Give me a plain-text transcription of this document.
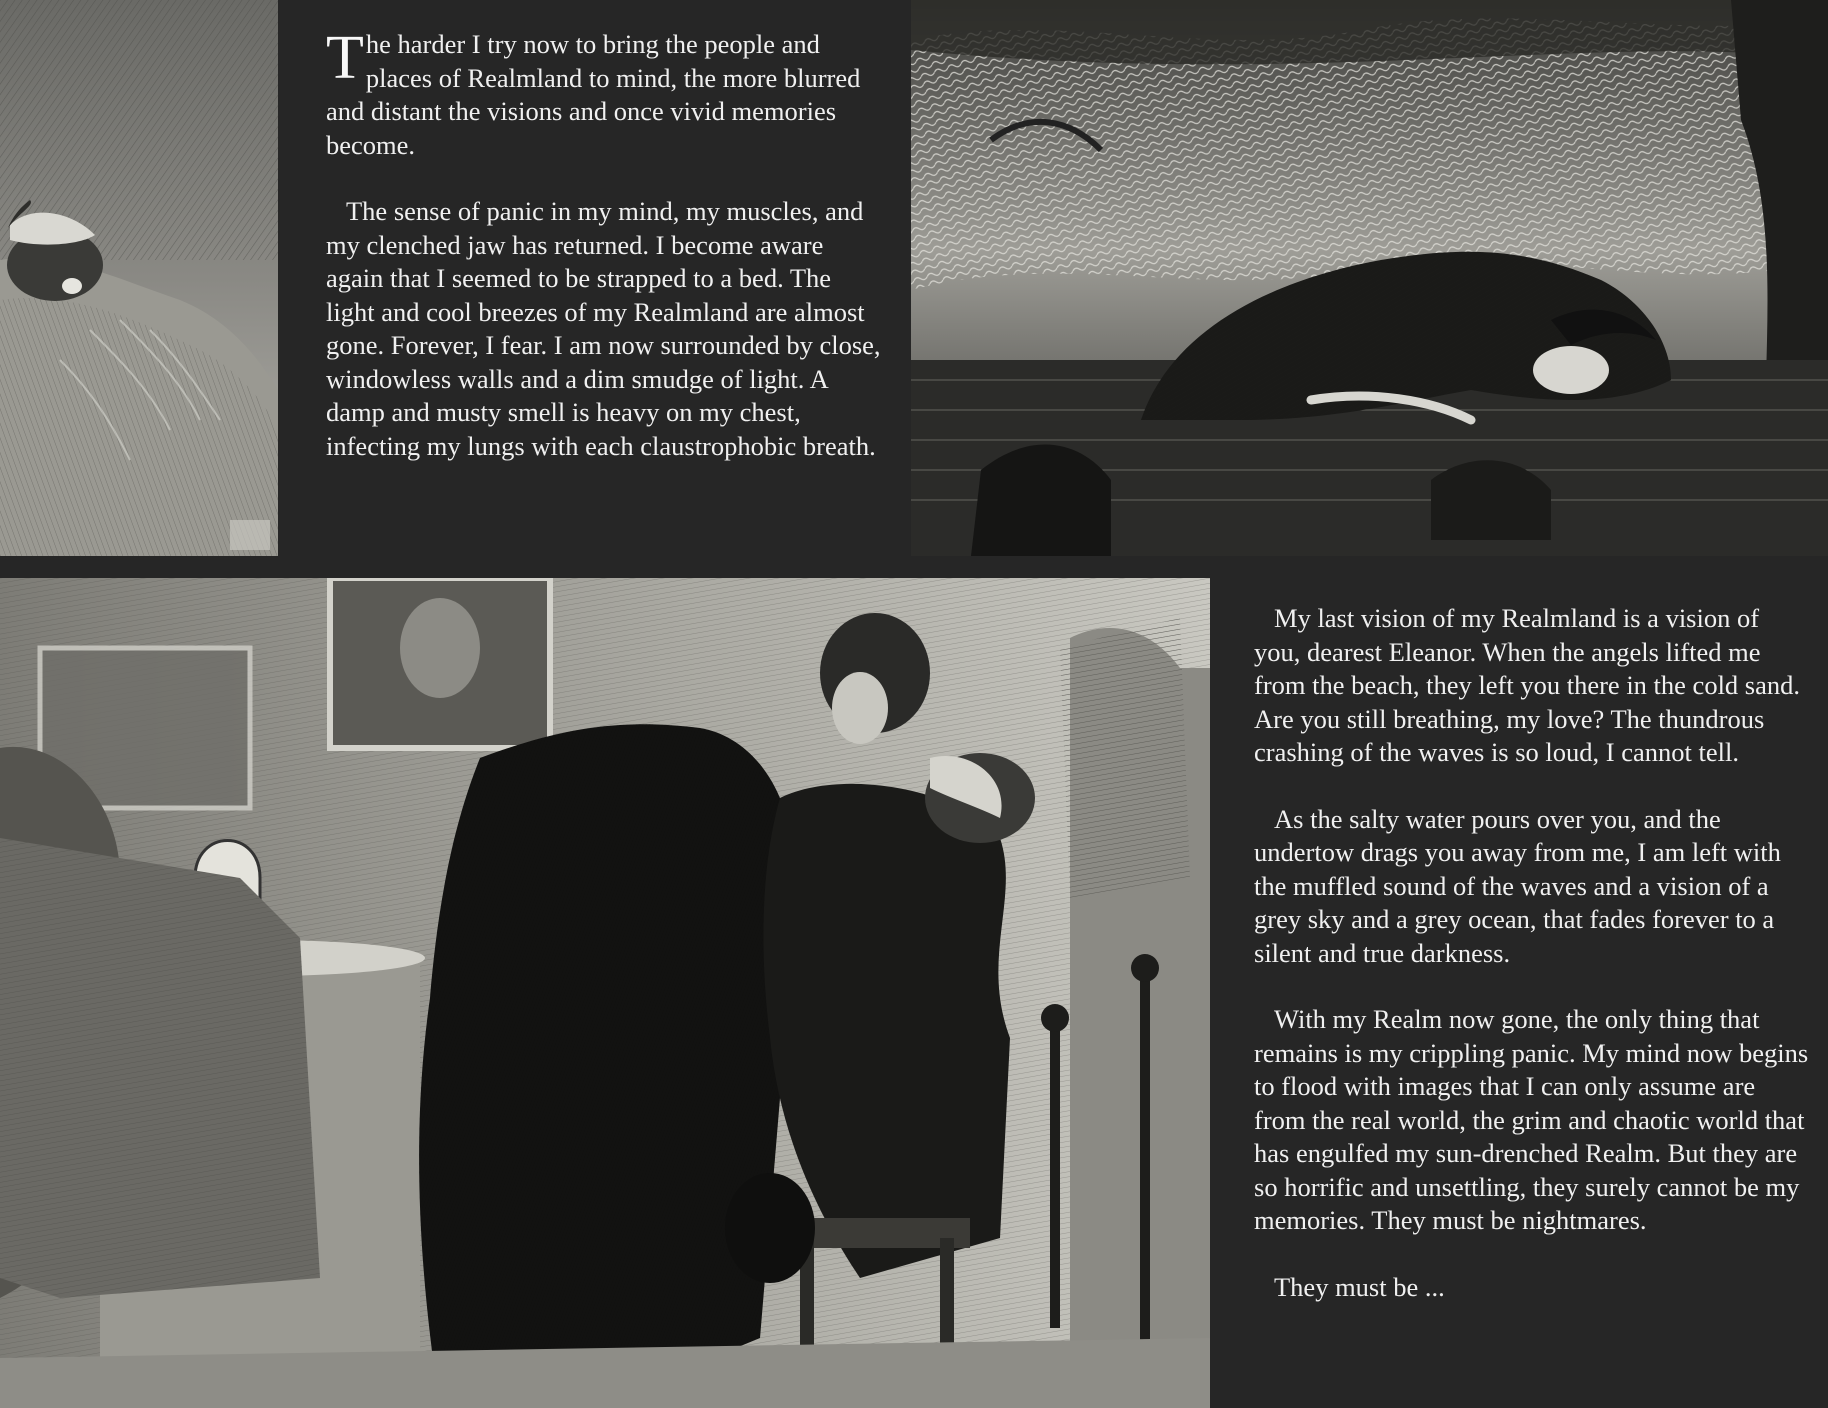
The harder I try now to bring the people and places of Realmland to mind, the more blurred and distant the visions and once vivid memories become.

The sense of panic in my mind, my muscles, and my clenched jaw has returned. I become aware again that I seemed to be strapped to a bed. The light and cool breezes of my Realmland are almost gone. Forever, I fear. I am now surrounded by close, windowless walls and a dim smudge of light. A damp and musty smell is heavy on my chest, infecting my lungs with each claustrophobic breath.

My last vision of my Realmland is a vision of you, dearest Eleanor. When the angels lifted me from the beach, they left you there in the cold sand. Are you still breathing, my love? The thundrous crashing of the waves is so loud, I cannot tell.

As the salty water pours over you, and the undertow drags you away from me, I am left with the muffled sound of the waves and a vision of a grey sky and a grey ocean, that fades forever to a silent and true darkness.

With my Realm now gone, the only thing that remains is my crippling panic. My mind now begins to flood with images that I can only assume are from the real world, the grim and chaotic world that has engulfed my sun-drenched Realm. But they are so horrific and unsettling, they surely cannot be my memories. They must be nightmares.

They must be ...
